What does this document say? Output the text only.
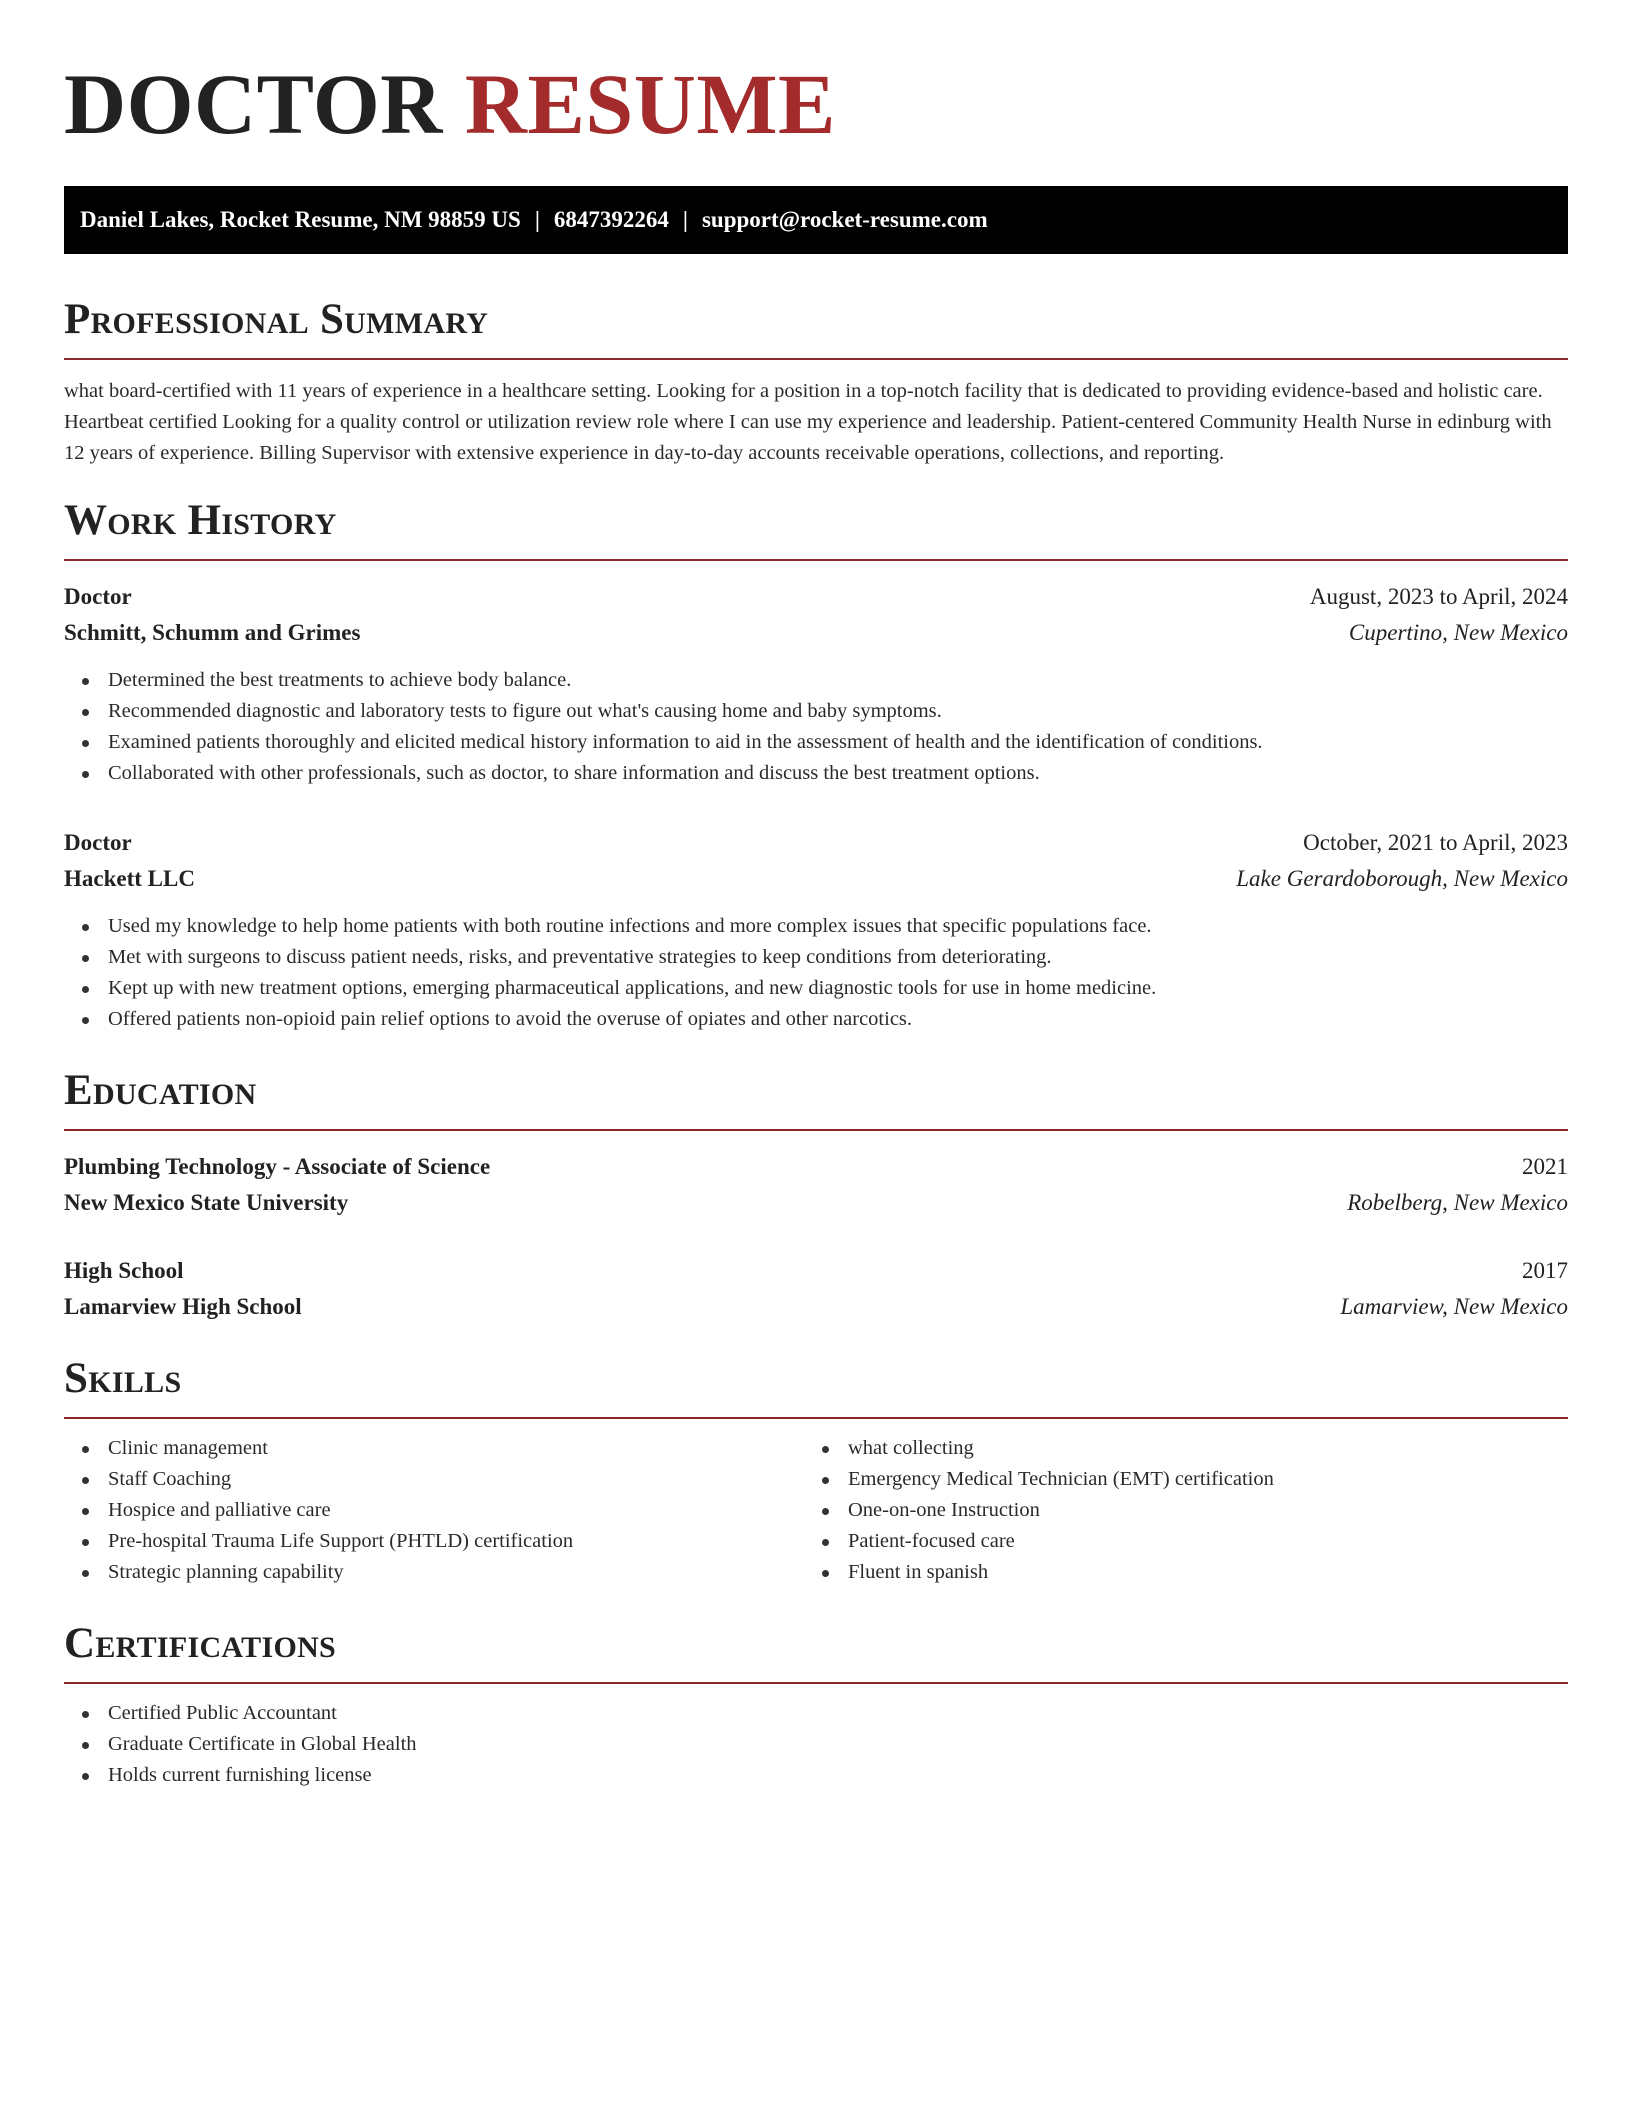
DOCTOR RESUME
Daniel Lakes, Rocket Resume, NM 98859 US | 6847392264 | support@rocket-resume.com
Professional Summary

what board-certified with 11 years of experience in a healthcare setting. Looking for a position in a top-notch facility that is dedicated to providing evidence-based and holistic care. Heartbeat certified Looking for a quality control or utilization review role where I can use my experience and leadership. Patient-centered Community Health Nurse in edinburg with 12 years of experience. Billing Supervisor with extensive experience in day-to-day accounts receivable operations, collections, and reporting.

Work History
Doctor	August, 2023 to April, 2024
Schmitt, Schumm and Grimes	Cupertino, New Mexico
Determined the best treatments to achieve body balance.
Recommended diagnostic and laboratory tests to figure out what's causing home and baby symptoms.
Examined patients thoroughly and elicited medical history information to aid in the assessment of health and the identification of conditions.
Collaborated with other professionals, such as doctor, to share information and discuss the best treatment options.
Doctor	October, 2021 to April, 2023
Hackett LLC	Lake Gerardoborough, New Mexico
Used my knowledge to help home patients with both routine infections and more complex issues that specific populations face.
Met with surgeons to discuss patient needs, risks, and preventative strategies to keep conditions from deteriorating.
Kept up with new treatment options, emerging pharmaceutical applications, and new diagnostic tools for use in home medicine.
Offered patients non-opioid pain relief options to avoid the overuse of opiates and other narcotics.
Education
Plumbing Technology - Associate of Science	2021
New Mexico State University	Robelberg, New Mexico
High School	2017
Lamarview High School	Lamarview, New Mexico
Skills
Clinic management
Staff Coaching
Hospice and palliative care
Pre-hospital Trauma Life Support (PHTLD) certification
Strategic planning capability
what collecting
Emergency Medical Technician (EMT) certification
One-on-one Instruction
Patient-focused care
Fluent in spanish
Certifications
Certified Public Accountant
Graduate Certificate in Global Health
Holds current furnishing license
